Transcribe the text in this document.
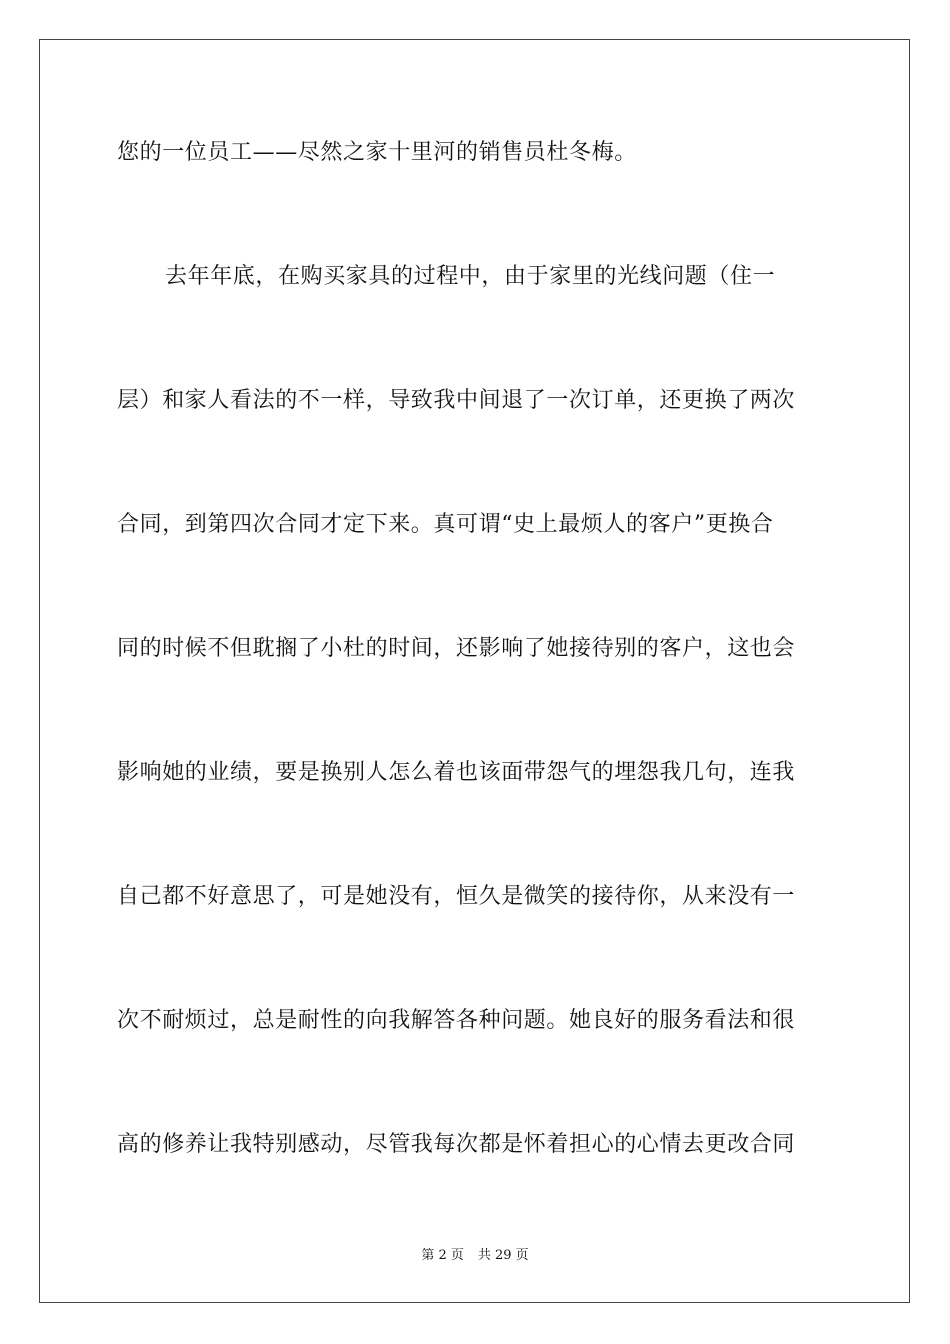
您的一位员工——尽然之家十里河的销售员杜冬梅。
去年年底，在购买家具的过程中，由于家里的光线问题（住一
层）和家人看法的不一样，导致我中间退了一次订单，还更换了两次
合同，到第四次合同才定下来。真可谓“史上最烦人的客户”更换合
同的时候不但耽搁了小杜的时间，还影响了她接待别的客户，这也会
影响她的业绩，要是换别人怎么着也该面带怨气的埋怨我几句，连我
自己都不好意思了，可是她没有，恒久是微笑的接待你，从来没有一
次不耐烦过，总是耐性的向我解答各种问题。她良好的服务看法和很
高的修养让我特别感动，尽管我每次都是怀着担心的心情去更改合同
第 2 页 共 29 页
